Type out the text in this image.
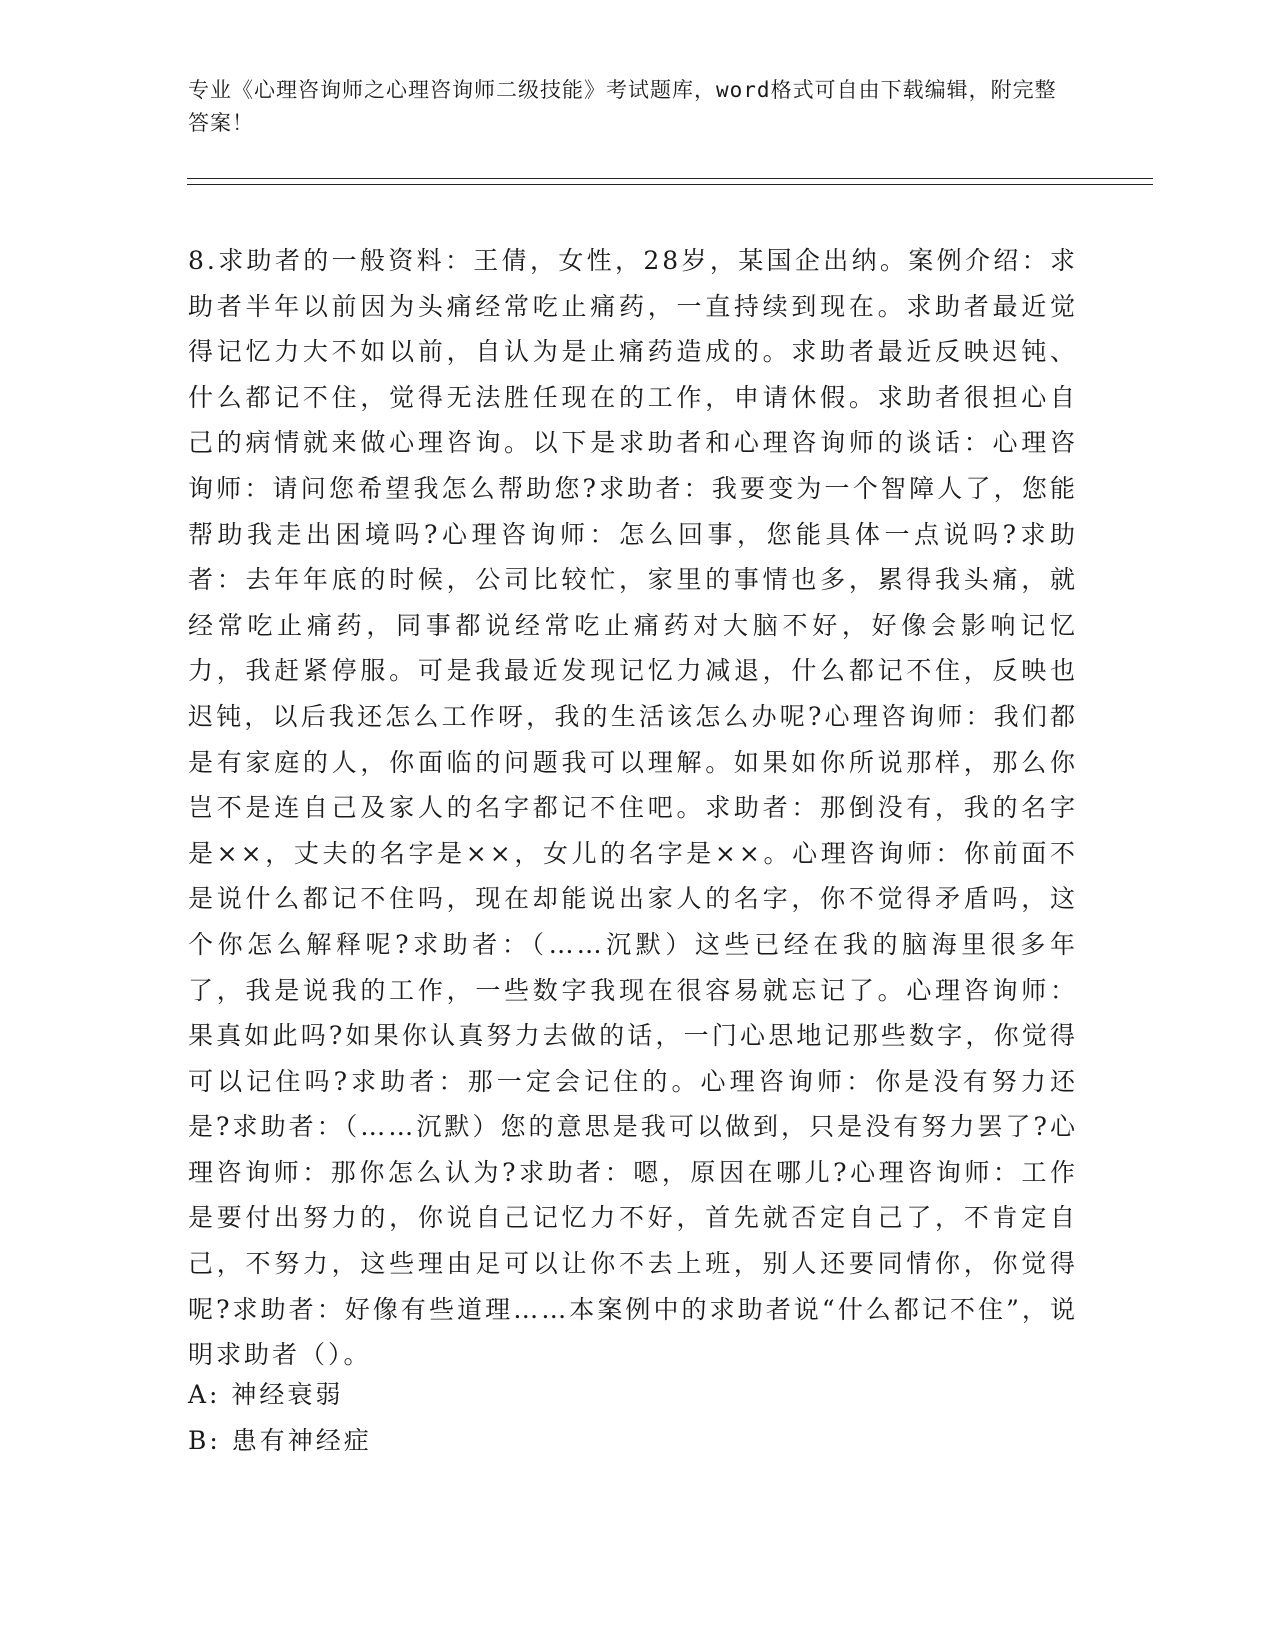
专业《心理咨询师之心理咨询师二级技能》考试题库，word格式可自由下载编辑，附完整答案！
8.求助者的一般资料：王倩，女性，28岁，某国企出纳。案例介绍：求助者半年以前因为头痛经常吃止痛药，一直持续到现在。求助者最近觉得记忆力大不如以前，自认为是止痛药造成的。求助者最近反映迟钝、什么都记不住，觉得无法胜任现在的工作，申请休假。求助者很担心自己的病情就来做心理咨询。以下是求助者和心理咨询师的谈话：心理咨询师：请问您希望我怎么帮助您?求助者：我要变为一个智障人了，您能帮助我走出困境吗?心理咨询师：怎么回事，您能具体一点说吗?求助者：去年年底的时候，公司比较忙，家里的事情也多，累得我头痛，就经常吃止痛药，同事都说经常吃止痛药对大脑不好，好像会影响记忆力，我赶紧停服。可是我最近发现记忆力减退，什么都记不住，反映也迟钝，以后我还怎么工作呀，我的生活该怎么办呢?心理咨询师：我们都是有家庭的人，你面临的问题我可以理解。如果如你所说那样，那么你岂不是连自己及家人的名字都记不住吧。求助者：那倒没有，我的名字是××，丈夫的名字是××，女儿的名字是××。心理咨询师：你前面不是说什么都记不住吗，现在却能说出家人的名字，你不觉得矛盾吗，这个你怎么解释呢?求助者：（……沉默）这些已经在我的脑海里很多年了，我是说我的工作，一些数字我现在很容易就忘记了。心理咨询师：果真如此吗?如果你认真努力去做的话，一门心思地记那些数字，你觉得可以记住吗?求助者：那一定会记住的。心理咨询师：你是没有努力还是?求助者：（……沉默）您的意思是我可以做到，只是没有努力罢了?心理咨询师：那你怎么认为?求助者：嗯，原因在哪儿?心理咨询师：工作是要付出努力的，你说自己记忆力不好，首先就否定自己了，不肯定自己，不努力，这些理由足可以让你不去上班，别人还要同情你，你觉得呢?求助者：好像有些道理……本案例中的求助者说“什么都记不住”，说明求助者（）。
A: 神经衰弱
B: 患有神经症
